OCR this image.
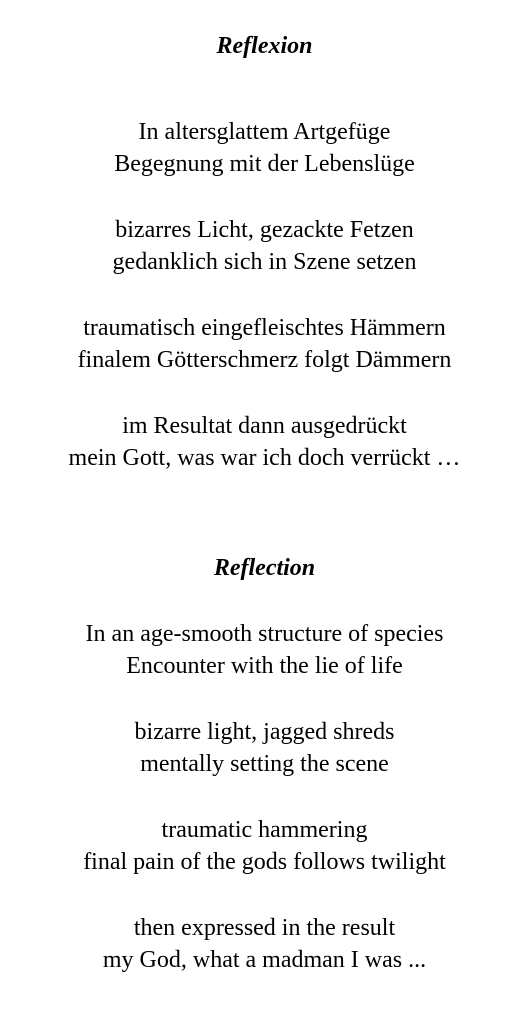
Reflexion

In altersglattem Artgefüge
Begegnung mit der Lebenslüge

bizarres Licht, gezackte Fetzen
gedanklich sich in Szene setzen

traumatisch eingefleischtes Hämmern
finalem Götterschmerz folgt Dämmern

im Resultat dann ausgedrückt
mein Gott, was war ich doch verrückt …

Reflection

In an age-smooth structure of species
Encounter with the lie of life

bizarre light, jagged shreds
mentally setting the scene

traumatic hammering
final pain of the gods follows twilight

then expressed in the result
my God, what a madman I was ...
